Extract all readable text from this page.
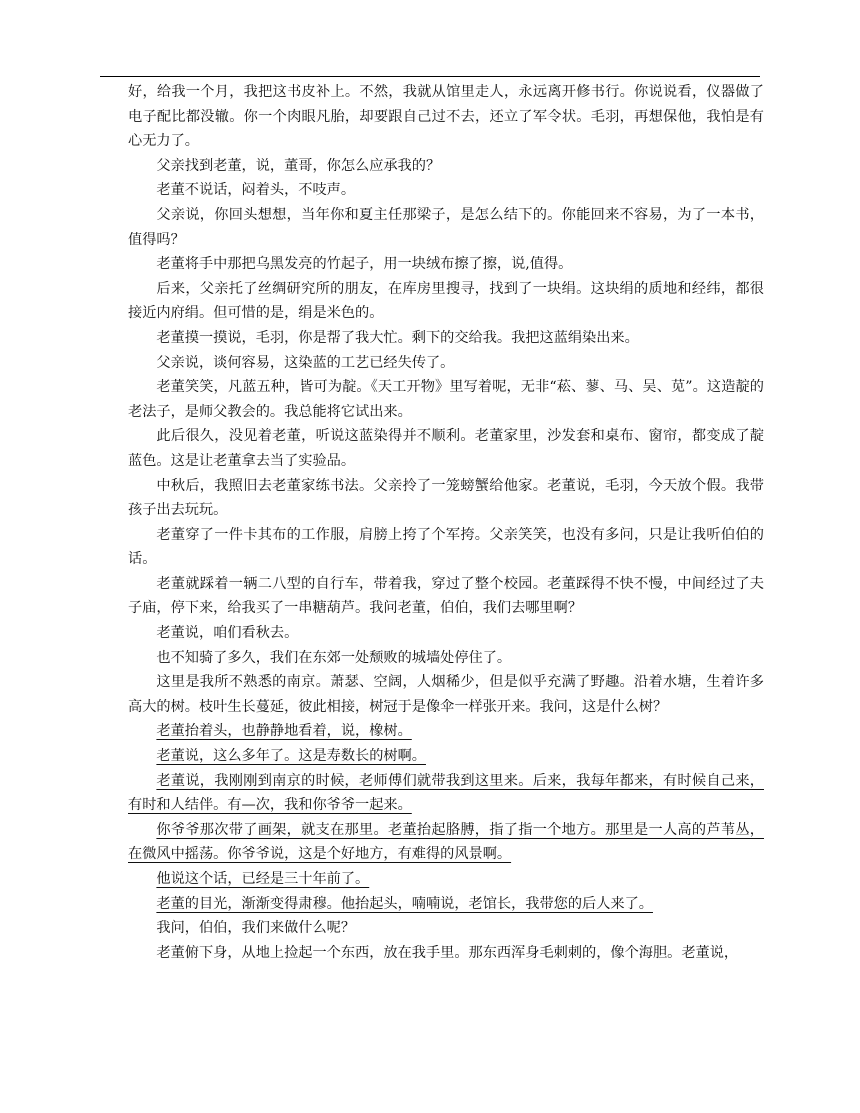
好，给我一个月，我把这书皮补上。不然，我就从馆里走人，永远离开修书行。你说说看，仪器做了电子配比都没辙。你一个肉眼凡胎，却要跟自己过不去，还立了军令状。毛羽，再想保他，我怕是有心无力了。

父亲找到老董，说，董哥，你怎么应承我的？

老董不说话，闷着头，不吱声。

父亲说，你回头想想，当年你和夏主任那梁子，是怎么结下的。你能回来不容易，为了一本书，值得吗？

老董将手中那把乌黑发亮的竹起子，用一块绒布擦了擦，说,值得。

后来，父亲托了丝绸研究所的朋友，在库房里搜寻，找到了一块绢。这块绢的质地和经纬，都很接近内府绢。但可惜的是，绢是米色的。

老董摸一摸说，毛羽，你是帮了我大忙。剩下的交给我。我把这蓝绢染出来。

父亲说，谈何容易，这染蓝的工艺已经失传了。

老董笑笑，凡蓝五种，皆可为靛。《天工开物》里写着呢，无非“菘、蓼、马、吴、苋”。这造靛的老法子，是师父教会的。我总能将它试出来。

此后很久，没见着老董，听说这蓝染得并不顺利。老董家里，沙发套和桌布、窗帘，都变成了靛蓝色。这是让老董拿去当了实验品。

中秋后，我照旧去老董家练书法。父亲拎了一笼螃蟹给他家。老董说，毛羽，今天放个假。我带孩子出去玩玩。

老董穿了一件卡其布的工作服，肩膀上挎了个军挎。父亲笑笑，也没有多问，只是让我听伯伯的话。

老董就踩着一辆二八型的自行车，带着我，穿过了整个校园。老董踩得不快不慢，中间经过了夫子庙，停下来，给我买了一串糖葫芦。我问老董，伯伯，我们去哪里啊？

老董说，咱们看秋去。

也不知骑了多久，我们在东郊一处颓败的城墙处停住了。

这里是我所不熟悉的南京。萧瑟、空阔，人烟稀少，但是似乎充满了野趣。沿着水塘，生着许多高大的树。枝叶生长蔓延，彼此相接，树冠于是像伞一样张开来。我问，这是什么树？

老董抬着头，也静静地看着，说，橡树。

老董说，这么多年了。这是寿数长的树啊。

老董说，我刚刚到南京的时候，老师傅们就带我到这里来。后来，我每年都来，有时候自己来，有时和人结伴。有—次，我和你爷爷一起来。

你爷爷那次带了画架，就支在那里。老董抬起胳膊，指了指一个地方。那里是一人高的芦苇丛，在微风中摇荡。你爷爷说，这是个好地方，有难得的风景啊。

他说这个话，已经是三十年前了。

老董的目光，渐渐变得肃穆。他抬起头，喃喃说，老馆长，我带您的后人来了。

我问，伯伯，我们来做什么呢？

老董俯下身，从地上捡起一个东西，放在我手里。那东西浑身毛刺刺的，像个海胆。老董说，
